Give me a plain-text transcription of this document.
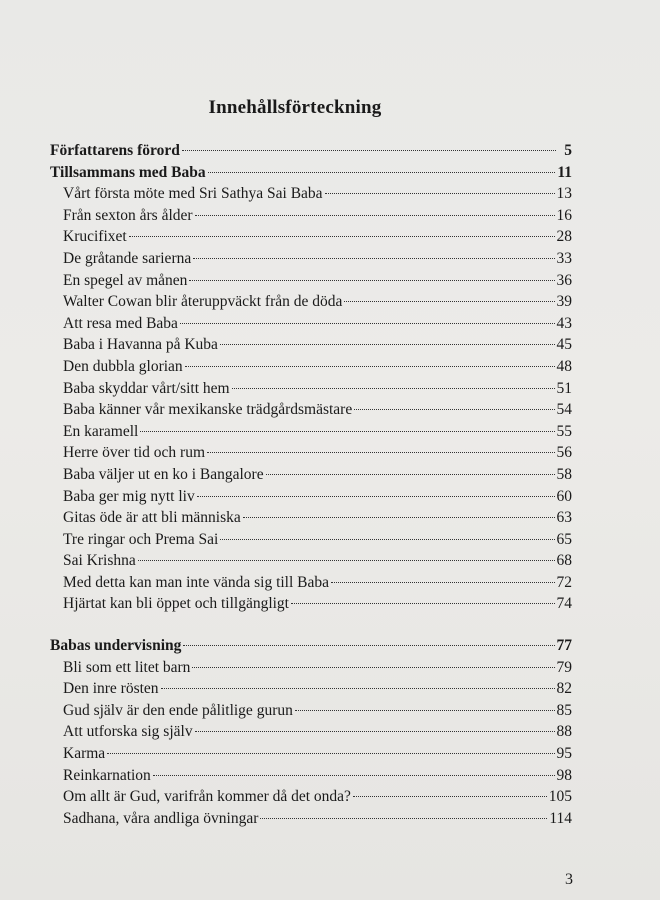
Innehållsförteckning
Författarens förord	5
Tillsammans med Baba	11
Vårt första möte med Sri Sathya Sai Baba	13
Från sexton års ålder	16
Krucifixet	28
De gråtande sarierna	33
En spegel av månen	36
Walter Cowan blir återuppväckt från de döda	39
Att resa med Baba	43
Baba i Havanna på Kuba	45
Den dubbla glorian	48
Baba skyddar vårt/sitt hem	51
Baba känner vår mexikanske trädgårdsmästare	54
En karamell	55
Herre över tid och rum	56
Baba väljer ut en ko i Bangalore	58
Baba ger mig nytt liv	60
Gitas öde är att bli människa	63
Tre ringar och Prema Sai	65
Sai Krishna	68
Med detta kan man inte vända sig till Baba	72
Hjärtat kan bli öppet och tillgängligt	74
Babas undervisning	77
Bli som ett litet barn	79
Den inre rösten	82
Gud själv är den ende pålitlige gurun	85
Att utforska sig själv	88
Karma	95
Reinkarnation	98
Om allt är Gud, varifrån kommer då det onda?	105
Sadhana, våra andliga övningar	114
3
